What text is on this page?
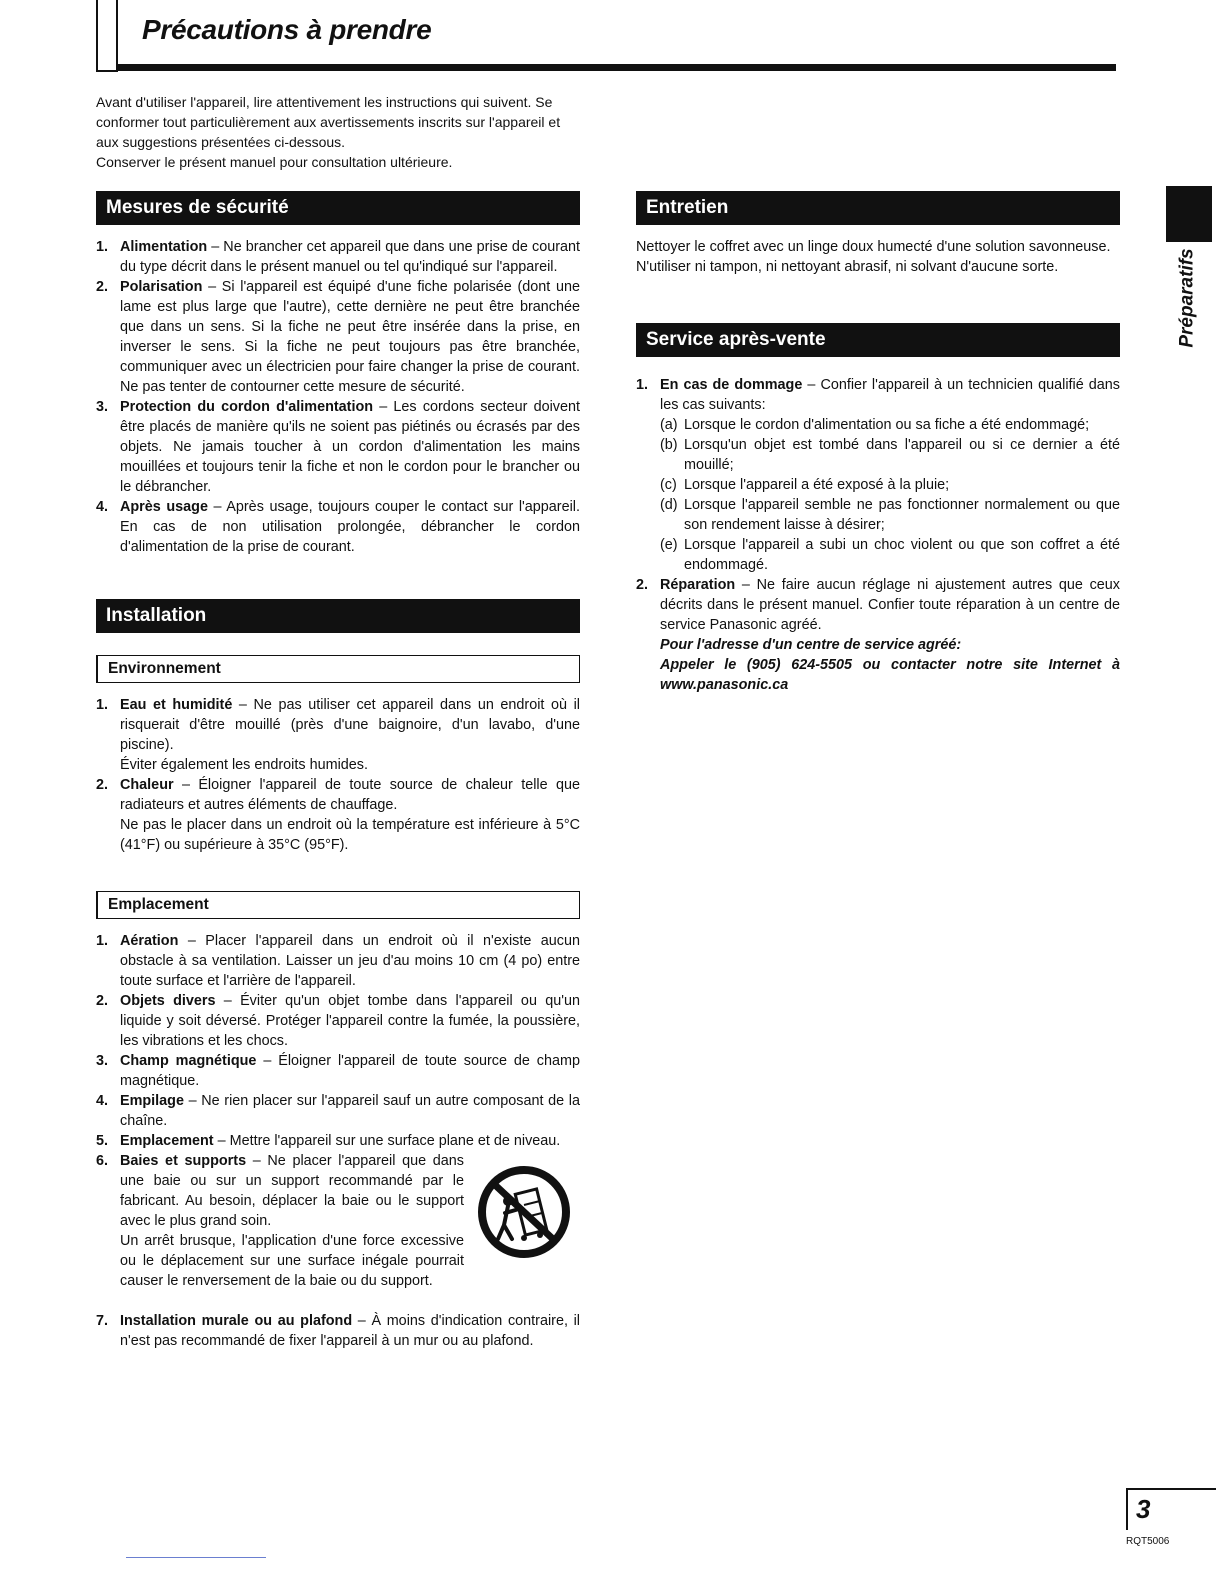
Précautions à prendre

Avant d'utiliser l'appareil, lire attentivement les instructions qui suivent. Se conformer tout particulièrement aux avertissements inscrits sur l'appareil et aux suggestions présentées ci-dessous.

Conserver le présent manuel pour consultation ultérieure.

Mesures de sécurité
1. Alimentation – Ne brancher cet appareil que dans une prise de courant du type décrit dans le présent manuel ou tel qu'indiqué sur l'appareil.
2. Polarisation – Si l'appareil est équipé d'une fiche polarisée (dont une lame est plus large que l'autre), cette dernière ne peut être branchée que dans un sens. Si la fiche ne peut être insérée dans la prise, en inverser le sens. Si la fiche ne peut toujours pas être branchée, communiquer avec un électricien pour faire changer la prise de courant. Ne pas tenter de contourner cette mesure de sécurité.
3. Protection du cordon d'alimentation – Les cordons secteur doivent être placés de manière qu'ils ne soient pas piétinés ou écrasés par des objets. Ne jamais toucher à un cordon d'alimentation les mains mouillées et toujours tenir la fiche et non le cordon pour le brancher ou le débrancher.
4. Après usage – Après usage, toujours couper le contact sur l'appareil. En cas de non utilisation prolongée, débrancher le cordon d'alimentation de la prise de courant.
Installation
Environnement
1. Eau et humidité – Ne pas utiliser cet appareil dans un endroit où il risquerait d'être mouillé (près d'une baignoire, d'un lavabo, d'une piscine).
Éviter également les endroits humides.
2. Chaleur – Éloigner l'appareil de toute source de chaleur telle que radiateurs et autres éléments de chauffage.
Ne pas le placer dans un endroit où la température est inférieure à 5°C (41°F) ou supérieure à 35°C (95°F).
Emplacement
1. Aération – Placer l'appareil dans un endroit où il n'existe aucun obstacle à sa ventilation. Laisser un jeu d'au moins 10 cm (4 po) entre toute surface et l'arrière de l'appareil.
2. Objets divers – Éviter qu'un objet tombe dans l'appareil ou qu'un liquide y soit déversé. Protéger l'appareil contre la fumée, la poussière, les vibrations et les chocs.
3. Champ magnétique – Éloigner l'appareil de toute source de champ magnétique.
4. Empilage – Ne rien placer sur l'appareil sauf un autre composant de la chaîne.
5. Emplacement – Mettre l'appareil sur une surface plane et de niveau.
6. Baies et supports – Ne placer l'appareil que dans une baie ou sur un support recommandé par le fabricant. Au besoin, déplacer la baie ou le support avec le plus grand soin.
Un arrêt brusque, l'application d'une force excessive ou le déplacement sur une surface inégale pourrait causer le renversement de la baie ou du support.
7. Installation murale ou au plafond – À moins d'indication contraire, il n'est pas recommandé de fixer l'appareil à un mur ou au plafond.
Entretien

Nettoyer le coffret avec un linge doux humecté d'une solution savonneuse.

N'utiliser ni tampon, ni nettoyant abrasif, ni solvant d'aucune sorte.

Service après-vente
1. En cas de dommage – Confier l'appareil à un technicien qualifié dans les cas suivants:
(a) Lorsque le cordon d'alimentation ou sa fiche a été endommagé;
(b) Lorsqu'un objet est tombé dans l'appareil ou si ce dernier a été mouillé;
(c) Lorsque l'appareil a été exposé à la pluie;
(d) Lorsque l'appareil semble ne pas fonctionner normalement ou que son rendement laisse à désirer;
(e) Lorsque l'appareil a subi un choc violent ou que son coffret a été endommagé.
2. Réparation – Ne faire aucun réglage ni ajustement autres que ceux décrits dans le présent manuel. Confier toute réparation à un centre de service Panasonic agréé.
Pour l'adresse d'un centre de service agréé:
Appeler le (905) 624-5505 ou contacter notre site Internet à www.panasonic.ca
Préparatifs
3
RQT5006
